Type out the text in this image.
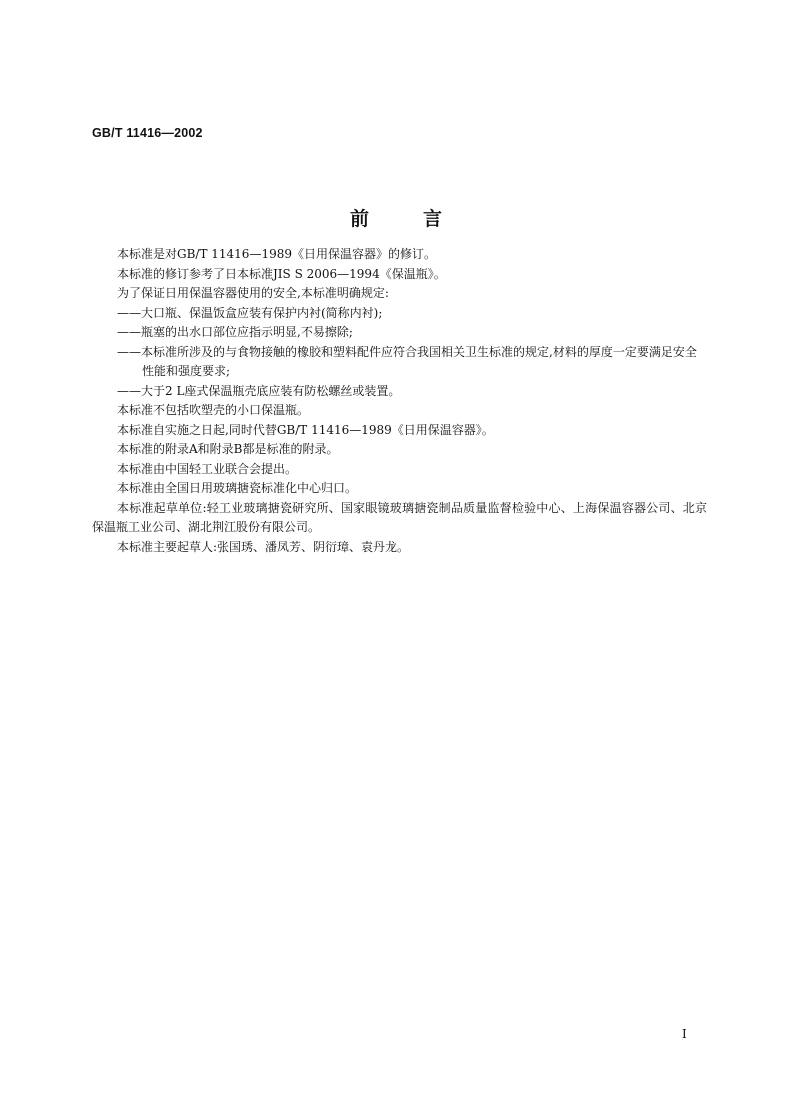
GB/T 11416—2002
前	言

本标准是对GB/T 11416—1989《日用保温容器》的修订。

本标准的修订参考了日本标准JIS S 2006—1994《保温瓶》。

为了保证日用保温容器使用的安全,本标准明确规定:

——大口瓶、保温饭盒应装有保护内衬(简称内衬);

——瓶塞的出水口部位应指示明显,不易擦除;

——本标准所涉及的与食物接触的橡胶和塑料配件应符合我国相关卫生标准的规定,材料的厚度一定要满足安全性能和强度要求;

——大于2 L座式保温瓶壳底应装有防松螺丝或装置。

本标准不包括吹塑壳的小口保温瓶。

本标准自实施之日起,同时代替GB/T 11416—1989《日用保温容器》。

本标准的附录A和附录B都是标准的附录。

本标准由中国轻工业联合会提出。

本标准由全国日用玻璃搪瓷标准化中心归口。

本标准起草单位:轻工业玻璃搪瓷研究所、国家眼镜玻璃搪瓷制品质量监督检验中心、上海保温容器公司、北京保温瓶工业公司、湖北荆江股份有限公司。

本标准主要起草人:张国琇、潘凤芳、阴衍璋、袁丹龙。

I
